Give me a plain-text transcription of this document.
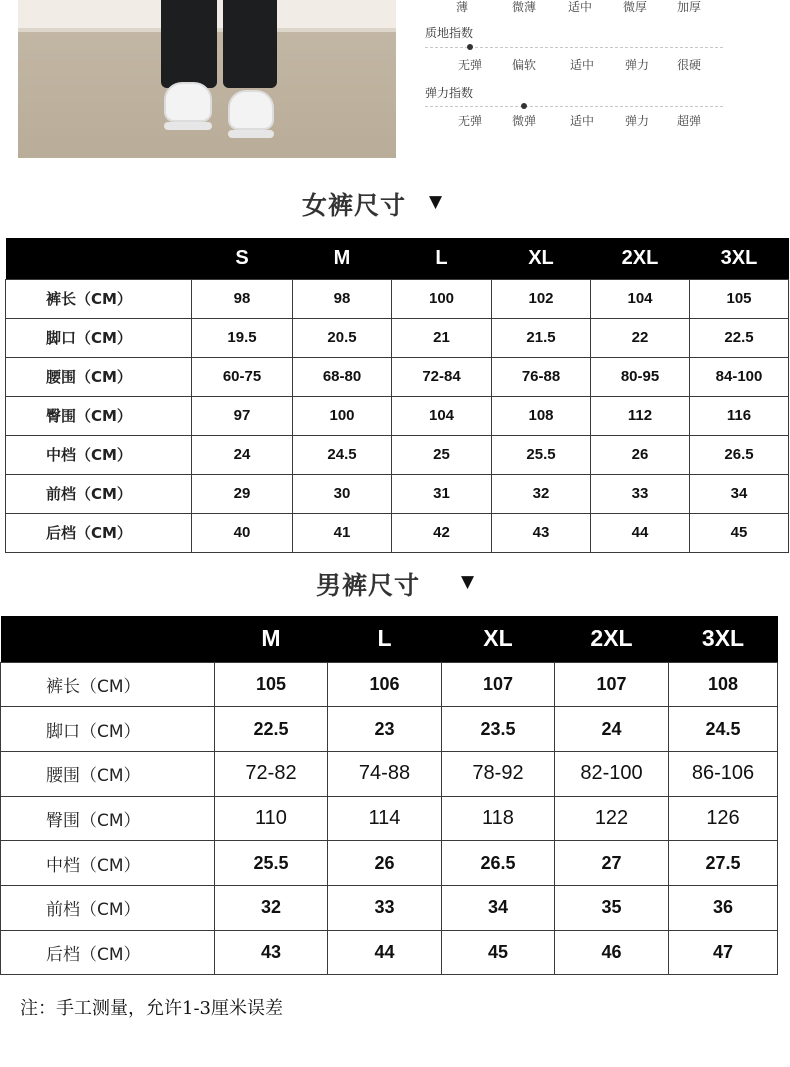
薄	微薄	适中	微厚 加厚
质地指数
无弹 偏软	适中	弹力 很硬
弹力指数
无弹 微弹	适中	弹力 超弹
女裤尺寸 ▼
	S	M	L	XL	2XL	3XL
裤长（CM）	98	98	100	102	104	105
脚口（CM）	19.5	20.5	21	21.5	22	22.5
腰围（CM）	60-75	68-80	72-84	76-88	80-95	84-100
臀围（CM）	97	100	104	108	112	116
中档（CM）	24	24.5	25	25.5	26	26.5
前档（CM）	29	30	31	32	33	34
后档（CM）	40	41	42	43	44	45
男裤尺寸 ▼
	M	L	XL	2XL	3XL
裤长（CM）	105	106	107	107	108
脚口（CM）	22.5	23	23.5	24	24.5
腰围（CM）	72-82	74-88	78-92	82-100	86-106
臀围（CM）	110	114	118	122	126
中档（CM）	25.5	26	26.5	27	27.5
前档（CM）	32	33	34	35	36
后档（CM）	43	44	45	46	47
注：手工测量，允许1-3厘米误差
